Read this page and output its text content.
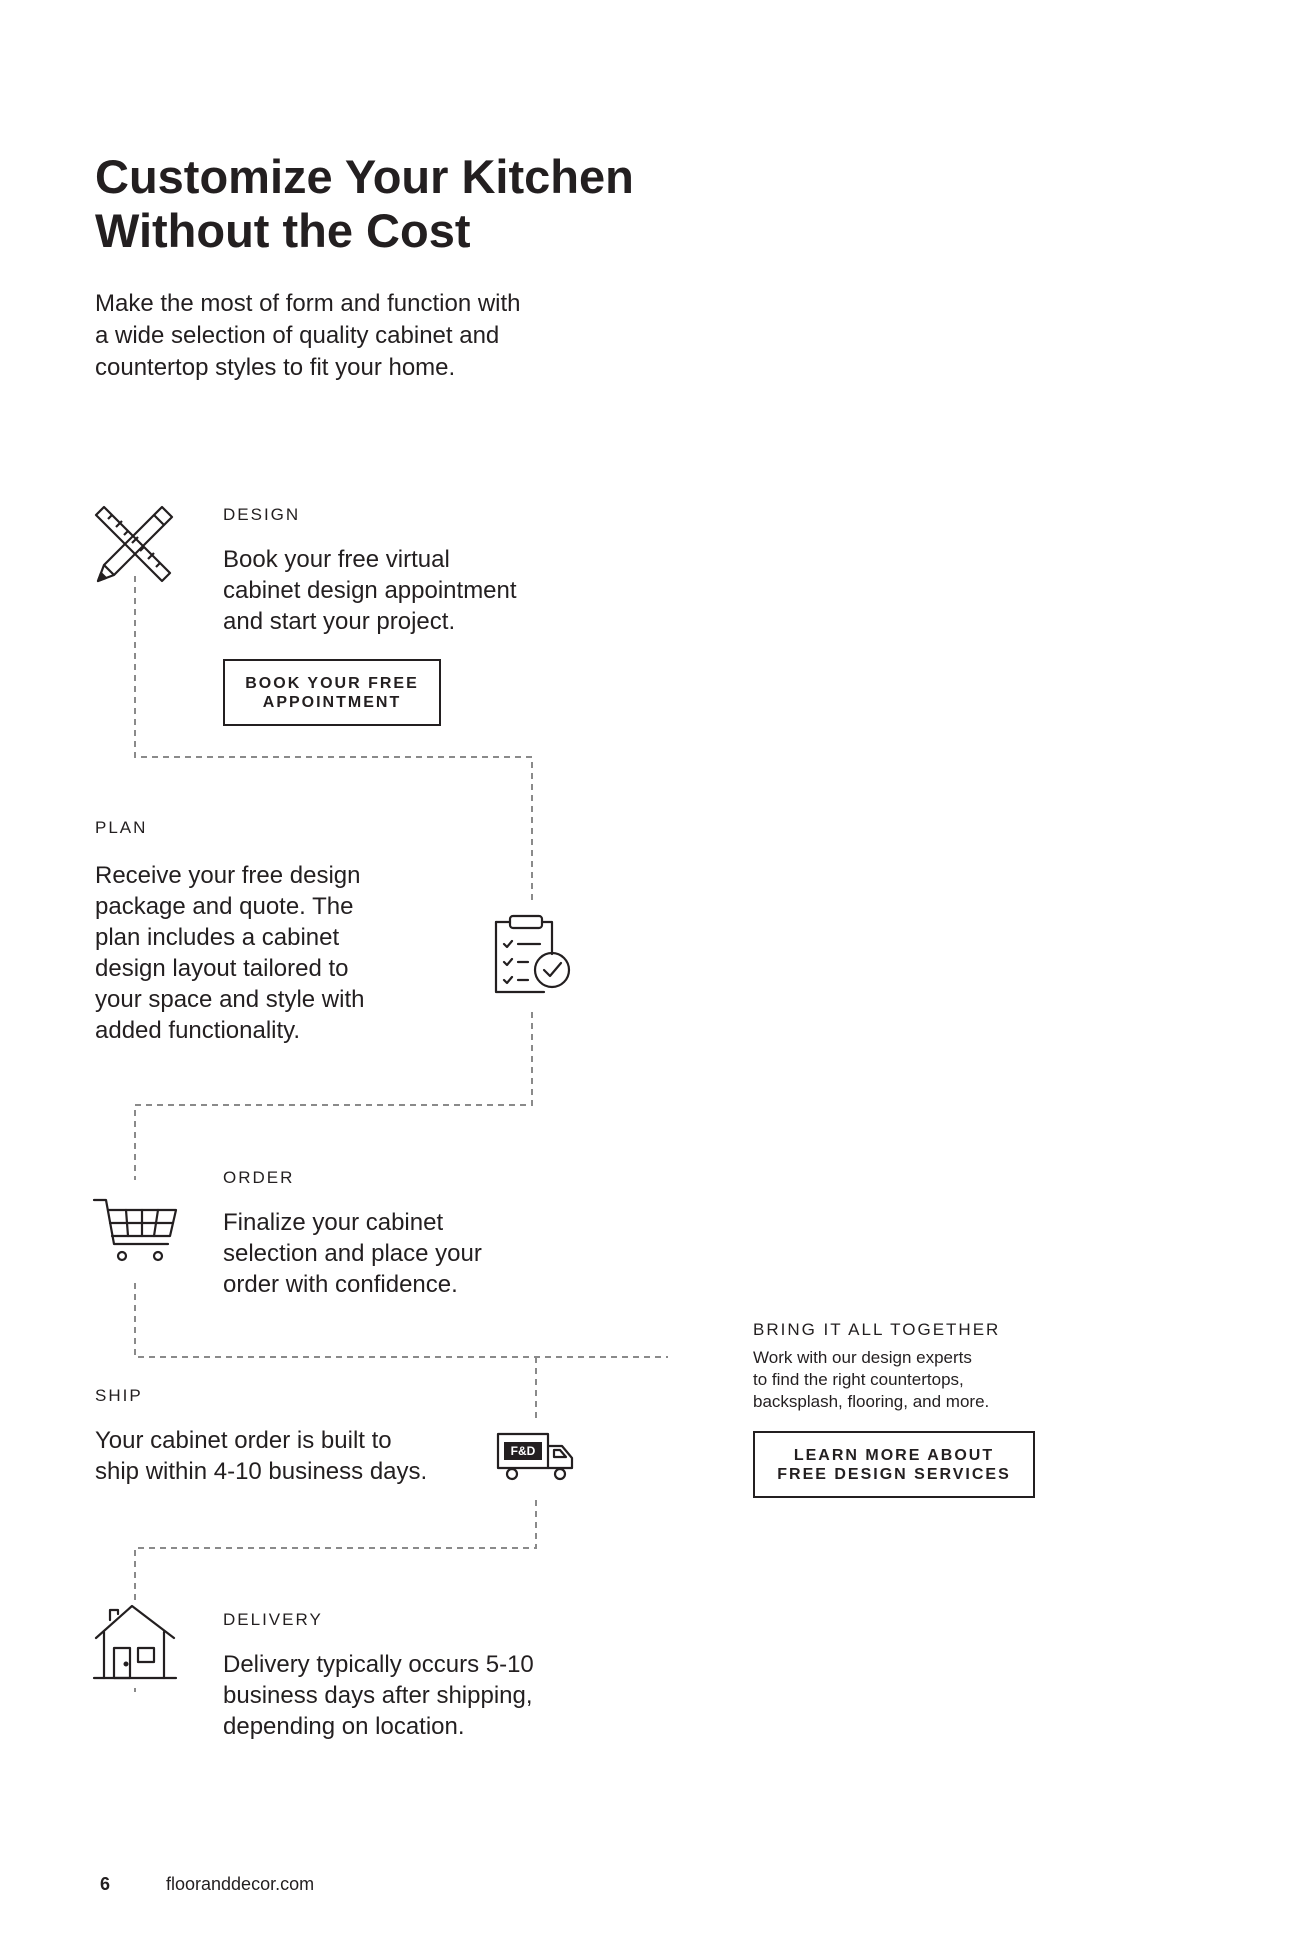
Customize Your Kitchen
Without the Cost
Make the most of form and function with
a wide selection of quality cabinet and
countertop styles to fit your home.
DESIGN
Book your free virtual
cabinet design appointment
and start your project.
BOOK YOUR FREE
APPOINTMENT
PLAN
Receive your free design
package and quote. The
plan includes a cabinet
design layout tailored to
your space and style with
added functionality.
ORDER
Finalize your cabinet
selection and place your
order with confidence.
SHIP
Your cabinet order is built to
ship within 4-10 business days.
F&D
DELIVERY
Delivery typically occurs 5-10
business days after shipping,
depending on location.
BRING IT ALL TOGETHER
Work with our design experts
to find the right countertops,
backsplash, flooring, and more.
LEARN MORE ABOUT
FREE DESIGN SERVICES
6	flooranddecor.com
